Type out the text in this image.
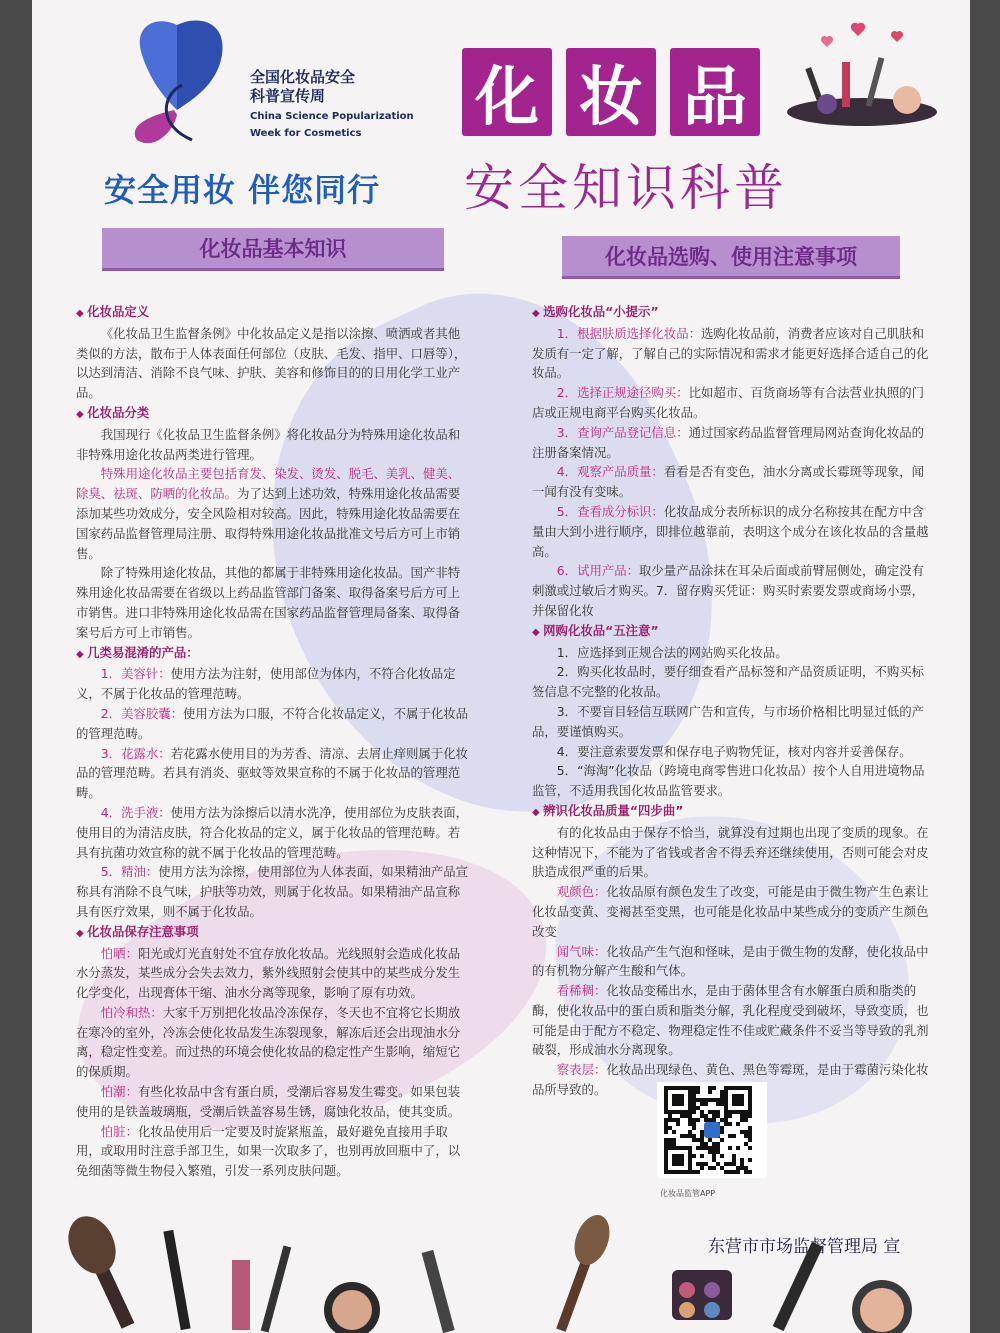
全国化妆品安全
科普宣传周
China Science Popularization
Week for Cosmetics
安全用妆 伴您同行
化 妆 品
安全知识科普
化妆品基本知识	化妆品选购、使用注意事项

◆ 化妆品定义

《化妆品卫生监督条例》中化妆品定义是指以涂擦、喷洒或者其他类似的方法，散布于人体表面任何部位（皮肤、毛发、指甲、口唇等），以达到清洁、消除不良气味、护肤、美容和修饰目的的日用化学工业产品。

◆ 化妆品分类

我国现行《化妆品卫生监督条例》将化妆品分为特殊用途化妆品和非特殊用途化妆品两类进行管理。

特殊用途化妆品主要包括育发、染发、烫发、脱毛、美乳、健美、除臭、祛斑、防晒的化妆品。为了达到上述功效，特殊用途化妆品需要添加某些功效成分，安全风险相对较高。因此，特殊用途化妆品需要在国家药品监督管理局注册、取得特殊用途化妆品批准文号后方可上市销售。

除了特殊用途化妆品，其他的都属于非特殊用途化妆品。国产非特殊用途化妆品需要在省级以上药品监管部门备案、取得备案号后方可上市销售。进口非特殊用途化妆品需在国家药品监督管理局备案、取得备案号后方可上市销售。

◆ 几类易混淆的产品：

1．美容针：使用方法为注射，使用部位为体内，不符合化妆品定义，不属于化妆品的管理范畴。

2．美容胶囊：使用方法为口服，不符合化妆品定义，不属于化妆品的管理范畴。

3．花露水：若花露水使用目的为芳香、清凉、去屑止痒则属于化妆品的管理范畴。若具有消炎、驱蚊等效果宣称的不属于化妆品的管理范畴。

4．洗手液：使用方法为涂擦后以清水洗净，使用部位为皮肤表面，使用目的为清洁皮肤，符合化妆品的定义，属于化妆品的管理范畴。若具有抗菌功效宣称的就不属于化妆品的管理范畴。

5．精油：使用方法为涂擦，使用部位为人体表面，如果精油产品宣称具有消除不良气味，护肤等功效，则属于化妆品。如果精油产品宣称具有医疗效果，则不属于化妆品。

◆ 化妆品保存注意事项

怕晒：阳光或灯光直射处不宜存放化妆品。光线照射会造成化妆品水分蒸发，某些成分会失去效力，紫外线照射会使其中的某些成分发生化学变化，出现膏体干缩、油水分离等现象，影响了原有功效。

怕冷和热：大家千万别把化妆品冷冻保存，冬天也不宜将它长期放在寒冷的室外，冷冻会使化妆品发生冻裂现象，解冻后还会出现油水分离，稳定性变差。而过热的环境会使化妆品的稳定性产生影响，缩短它的保质期。

怕潮：有些化妆品中含有蛋白质，受潮后容易发生霉变。如果包装使用的是铁盖玻璃瓶，受潮后铁盖容易生锈，腐蚀化妆品，使其变质。

怕脏：化妆品使用后一定要及时旋紧瓶盖，最好避免直接用手取用，或取用时注意手部卫生，如果一次取多了，也别再放回瓶中了，以免细菌等微生物侵入繁殖，引发一系列皮肤问题。

◆ 选购化妆品“小提示”

1．根据肤质选择化妆品：选购化妆品前，消费者应该对自己肌肤和发质有一定了解，了解自己的实际情况和需求才能更好选择合适自己的化妆品。

2．选择正规途径购买：比如超市、百货商场等有合法营业执照的门店或正规电商平台购买化妆品。

3．查询产品登记信息：通过国家药品监督管理局网站查询化妆品的注册备案情况。

4．观察产品质量：看看是否有变色，油水分离或长霉斑等现象，闻一闻有没有变味。

5．查看成分标识：化妆品成分表所标识的成分名称按其在配方中含量由大到小进行顺序，即排位越靠前，表明这个成分在该化妆品的含量越高。

6．试用产品：取少量产品涂抹在耳朵后面或前臂屈侧处，确定没有刺激或过敏后才购买。7．留存购买凭证：购买时索要发票或商场小票，并保留化妆

◆ 网购化妆品“五注意”

1．应选择到正规合法的网站购买化妆品。

2．购买化妆品时，要仔细查看产品标签和产品资质证明，不购买标签信息不完整的化妆品。

3．不要盲目轻信互联网广告和宣传，与市场价格相比明显过低的产品，要谨慎购买。

4．要注意索要发票和保存电子购物凭证，核对内容并妥善保存。

5．“海淘”化妆品（跨境电商零售进口化妆品）按个人自用进境物品监管，不适用我国化妆品监管要求。

◆ 辨识化妆品质量“四步曲”

有的化妆品由于保存不恰当，就算没有过期也出现了变质的现象。在这种情况下，不能为了省钱或者舍不得丢弃还继续使用，否则可能会对皮肤造成很严重的后果。

观颜色：化妆品原有颜色发生了改变，可能是由于微生物产生色素让化妆品变黄、变褐甚至变黑，也可能是化妆品中某些成分的变质产生颜色改变

闻气味：化妆品产生气泡和怪味，是由于微生物的发酵，使化妆品中的有机物分解产生酸和气体。

看稀稠：化妆品变稀出水，是由于菌体里含有水解蛋白质和脂类的酶，使化妆品中的蛋白质和脂类分解，乳化程度受到破坏，导致变质，也可能是由于配方不稳定、物理稳定性不佳或贮藏条件不妥当等导致的乳剂破裂，形成油水分离现象。

察表层：化妆品出现绿色、黄色、黑色等霉斑，是由于霉菌污染化妆品所导致的。

化妆品监管APP
东营市市场监督管理局 宣
